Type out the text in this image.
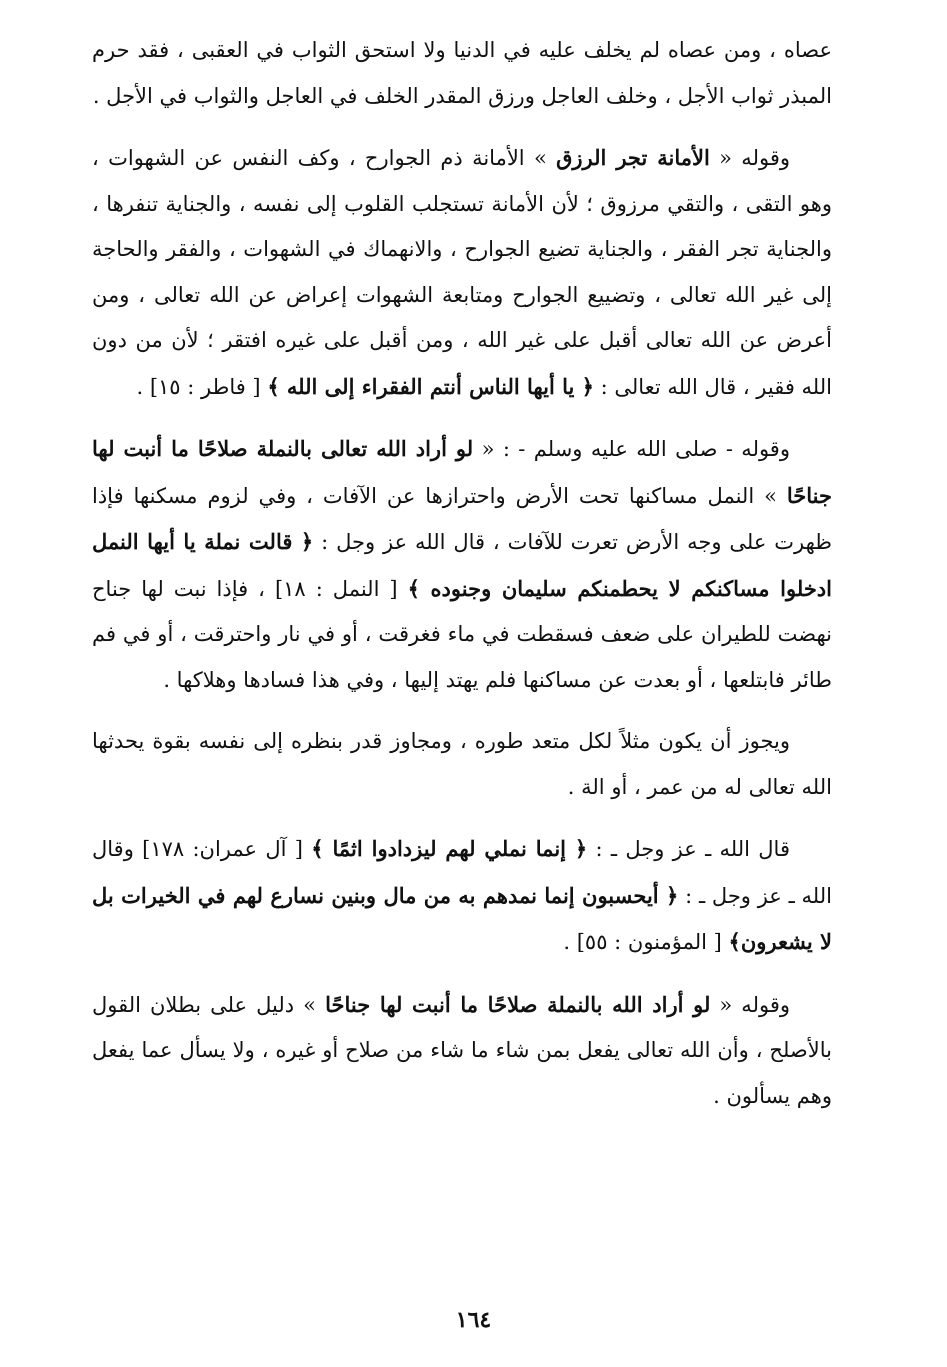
عصاه ، ومن عصاه لم يخلف عليه في الدنيا ولا استحق الثواب في العقبى ، فقد حرم المبذر ثواب الأجل ، وخلف العاجل ورزق المقدر الخلف في العاجل والثواب في الأجل .

وقوله « الأمانة تجر الرزق » الأمانة ذم الجوارح ، وكف النفس عن الشهوات ، وهو التقى ، والتقي مرزوق ؛ لأن الأمانة تستجلب القلوب إلى نفسه ، والجناية تنفرها ، والجناية تجر الفقر ، والجناية تضيع الجوارح ، والانهماك في الشهوات ، والفقر والحاجة إلى غير الله تعالى ، وتضييع الجوارح ومتابعة الشهوات إعراض عن الله تعالى ، ومن أعرض عن الله تعالى أقبل على غير الله ، ومن أقبل على غيره افتقر ؛ لأن من دون الله فقير ، قال الله تعالى : ﴿ يا أيها الناس أنتم الفقراء إلى الله ﴾ [ فاطر : ١٥] .

وقوله - صلى الله عليه وسلم - : « لو أراد الله تعالى بالنملة صلاحًا ما أنبت لها جناحًا » النمل مساكنها تحت الأرض واحترازها عن الآفات ، وفي لزوم مسكنها فإذا ظهرت على وجه الأرض تعرت للآفات ، قال الله عز وجل : ﴿ قالت نملة يا أيها النمل ادخلوا مساكنكم لا يحطمنكم سليمان وجنوده ﴾ [ النمل : ١٨] ، فإذا نبت لها جناح نهضت للطيران على ضعف فسقطت في ماء فغرقت ، أو في نار واحترقت ، أو في فم طائر فابتلعها ، أو بعدت عن مساكنها فلم يهتد إليها ، وفي هذا فسادها وهلاكها .

ويجوز أن يكون مثلاً لكل متعد طوره ، ومجاوز قدر بنظره إلى نفسه بقوة يحدثها الله تعالى له من عمر ، أو الة .

قال الله ـ عز وجل ـ : ﴿ إنما نملي لهم ليزدادوا اثمًا ﴾ [ آل عمران: ١٧٨] وقال الله ـ عز وجل ـ : ﴿ أيحسبون إنما نمدهم به من مال وبنين نسارع لهم في الخيرات بل لا يشعرون﴾ [ المؤمنون : ٥٥] .

وقوله « لو أراد الله بالنملة صلاحًا ما أنبت لها جناحًا » دليل على بطلان القول بالأصلح ، وأن الله تعالى يفعل بمن شاء ما شاء من صلاح أو غيره ، ولا يسأل عما يفعل وهم يسألون .

١٦٤
